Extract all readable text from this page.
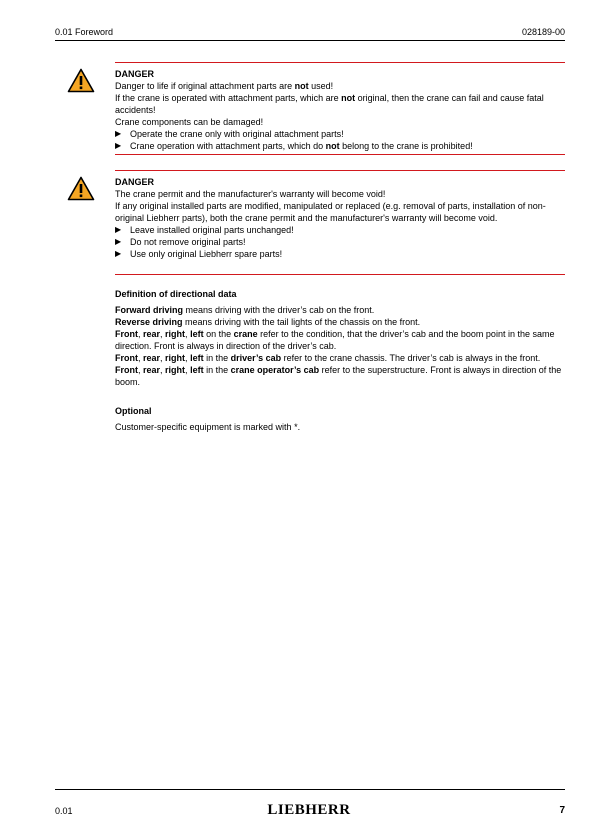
0.01 Foreword	028189-00
DANGER
Danger to life if original attachment parts are not used!
If the crane is operated with attachment parts, which are not original, then the crane can fail and cause fatal accidents!
Crane components can be damaged!
▶ Operate the crane only with original attachment parts!
▶ Crane operation with attachment parts, which do not belong to the crane is prohibited!
DANGER
The crane permit and the manufacturer's warranty will become void!
If any original installed parts are modified, manipulated or replaced (e.g. removal of parts, installation of non-original Liebherr parts), both the crane permit and the manufacturer's warranty will become void.
▶ Leave installed original parts unchanged!
▶ Do not remove original parts!
▶ Use only original Liebherr spare parts!
Definition of directional data
Forward driving means driving with the driver’s cab on the front.
Reverse driving means driving with the tail lights of the chassis on the front.
Front, rear, right, left on the crane refer to the condition, that the driver’s cab and the boom point in the same direction. Front is always in direction of the driver’s cab.
Front, rear, right, left in the driver’s cab refer to the crane chassis. The driver’s cab is always in the front.
Front, rear, right, left in the crane operator’s cab refer to the superstructure. Front is always in direction of the boom.
Optional
Customer-specific equipment is marked with *.
0.01	LIEBHERR	7
